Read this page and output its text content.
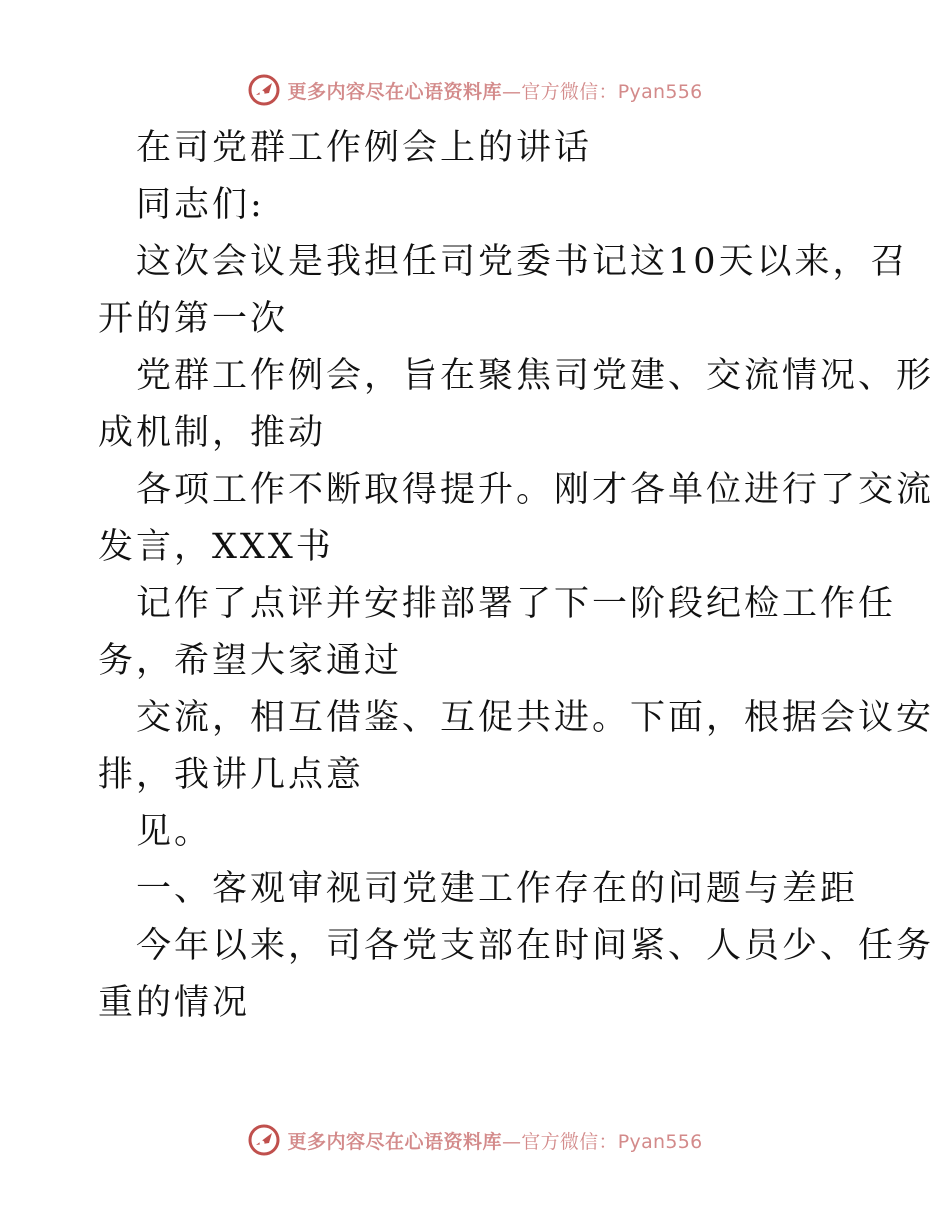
更多内容尽在心语资料库 —官方微信：Pyan556
在司党群工作例会上的讲话
同志们:
这次会议是我担任司党委书记这10天以来，召
开的第一次
党群工作例会，旨在聚焦司党建、交流情况、形
成机制，推动
各项工作不断取得提升。刚才各单位进行了交流
发言，XXX书
记作了点评并安排部署了下一阶段纪检工作任
务，希望大家通过
交流，相互借鉴、互促共进。下面，根据会议安
排，我讲几点意
见。
一、客观审视司党建工作存在的问题与差距
今年以来，司各党支部在时间紧、人员少、任务
重的情况
更多内容尽在心语资料库 —官方微信：Pyan556
